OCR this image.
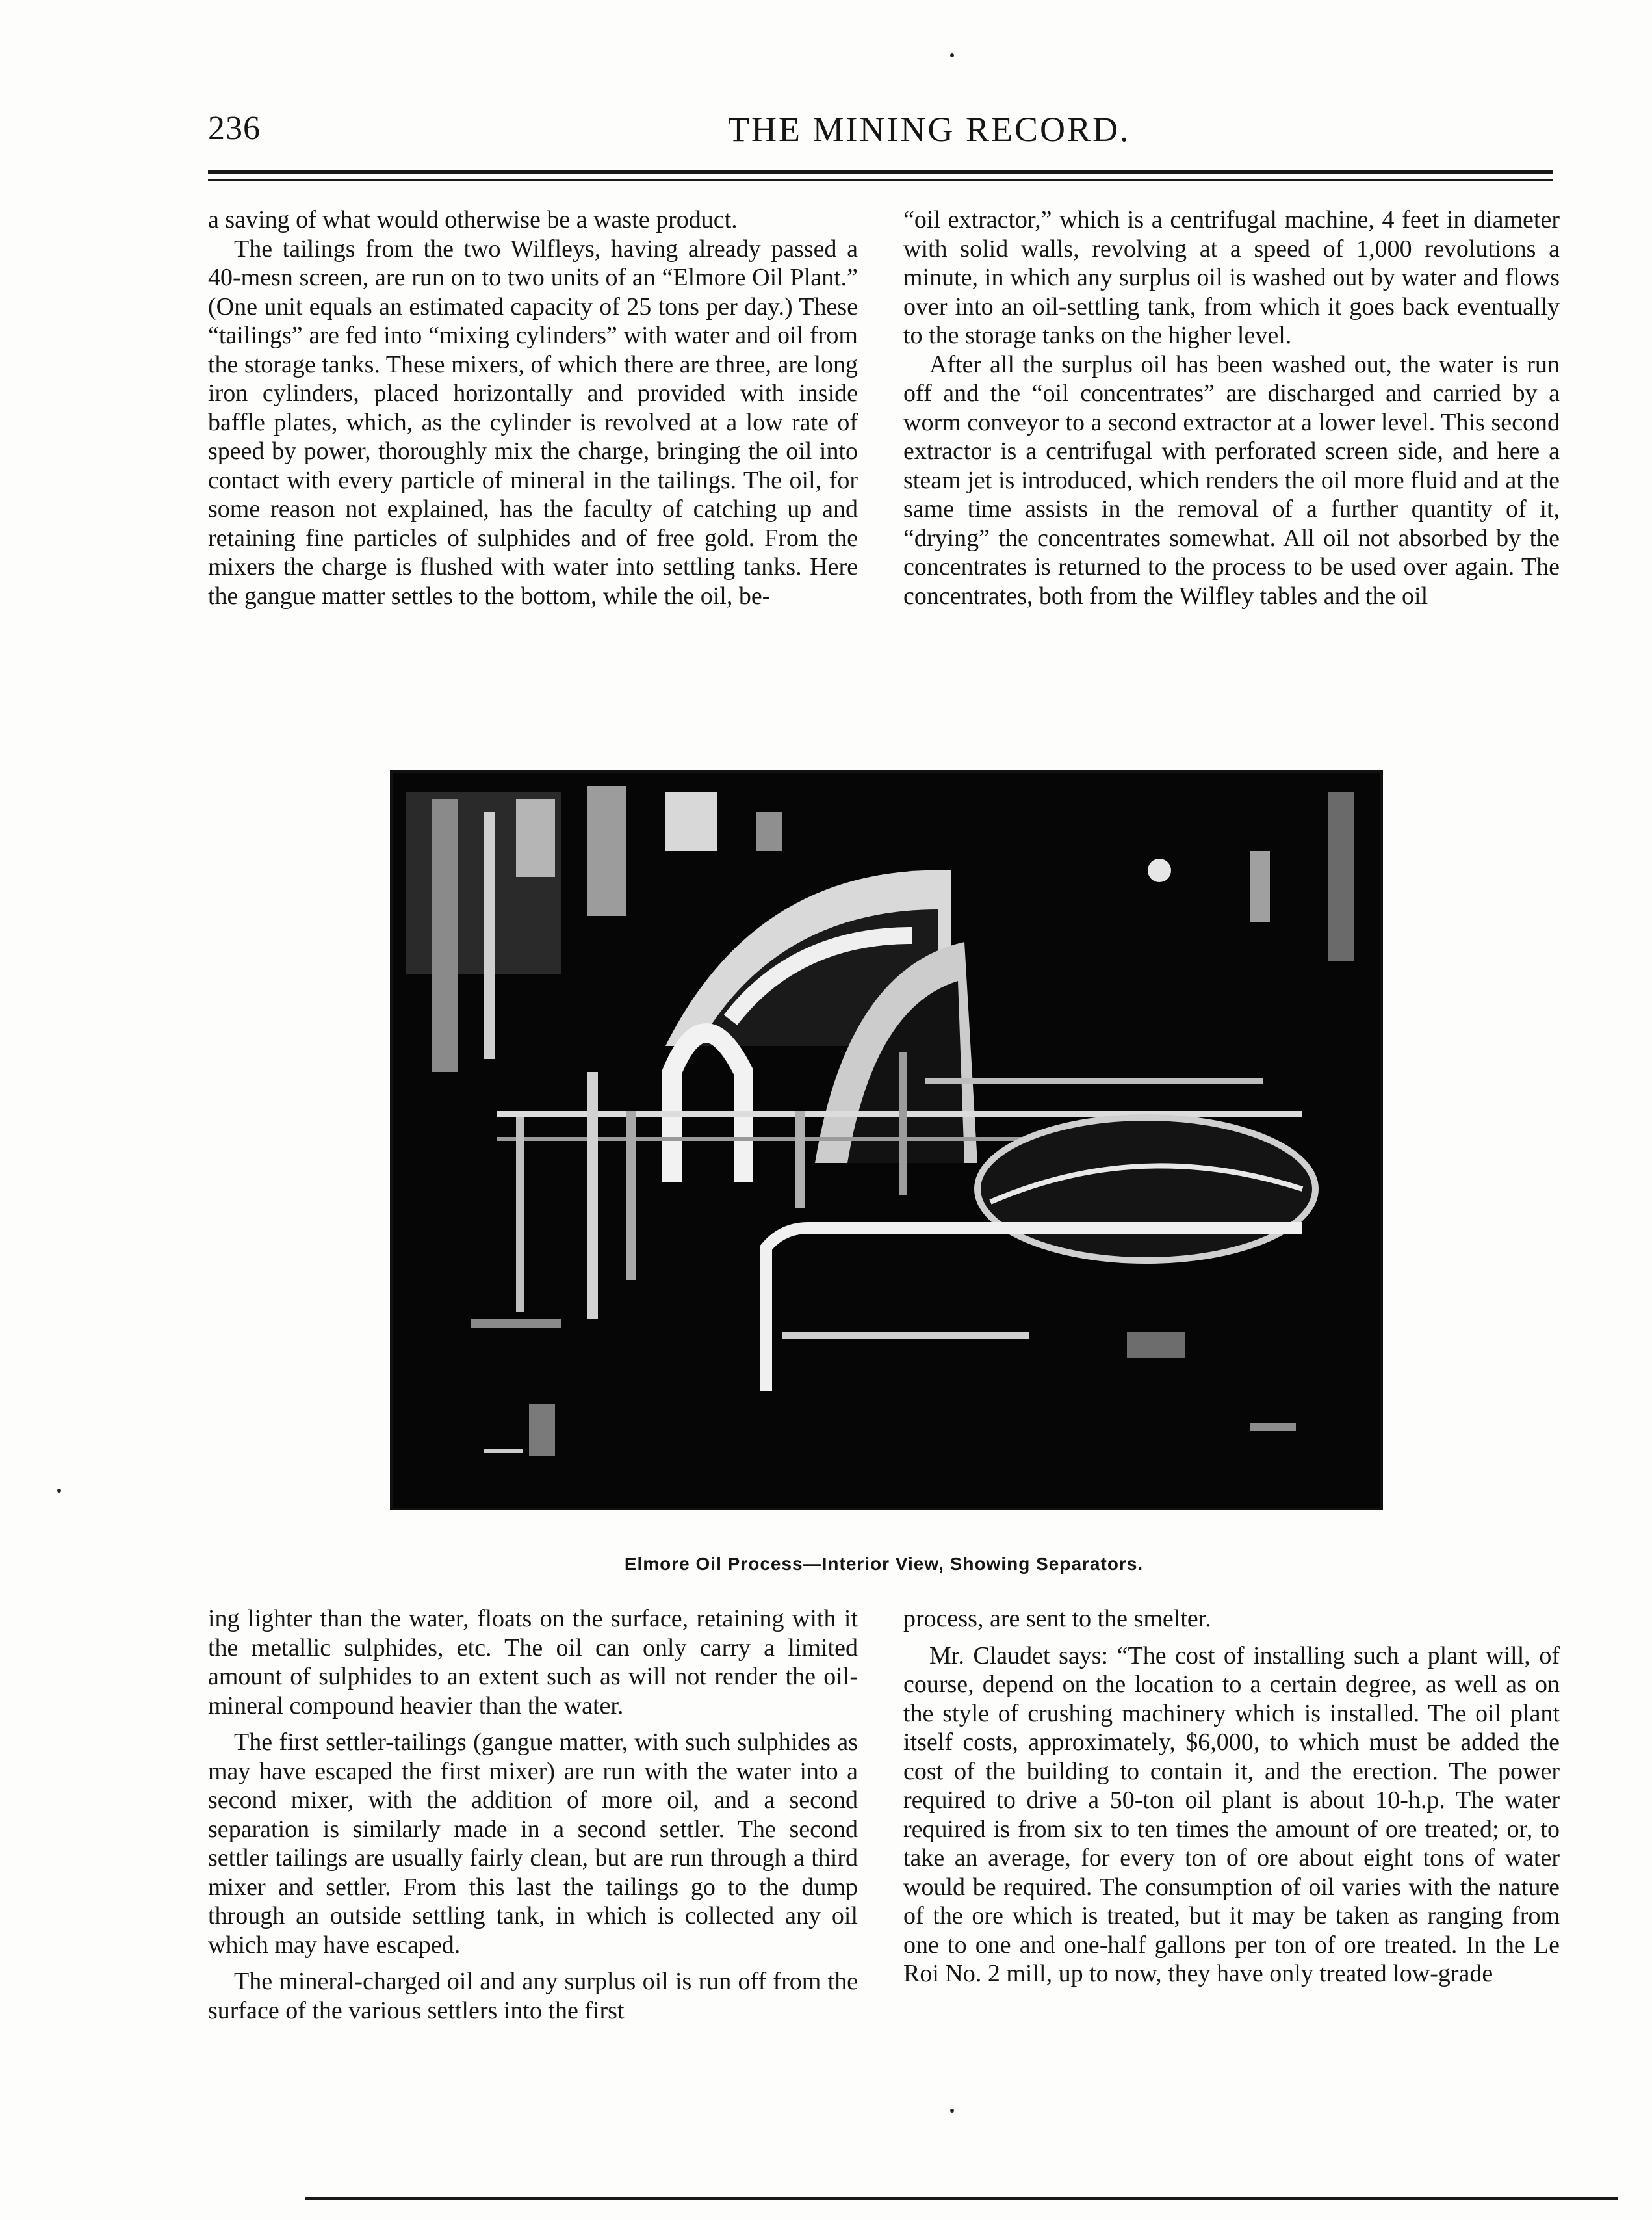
236	THE MINING RECORD.

a saving of what would otherwise be a waste product.

The tailings from the two Wilfleys, having already passed a 40-mesn screen, are run on to two units of an “Elmore Oil Plant.” (One unit equals an estimated capacity of 25 tons per day.) These “tailings” are fed into “mixing cylinders” with water and oil from the storage tanks. These mixers, of which there are three, are long iron cylinders, placed horizontally and provided with inside baffle plates, which, as the cylinder is revolved at a low rate of speed by power, thoroughly mix the charge, bringing the oil into contact with every particle of mineral in the tailings. The oil, for some reason not explained, has the faculty of catching up and retaining fine particles of sulphides and of free gold. From the mixers the charge is flushed with water into settling tanks. Here the gangue matter settles to the bottom, while the oil, be-

“oil extractor,” which is a centrifugal machine, 4 feet in diameter with solid walls, revolving at a speed of 1,000 revolutions a minute, in which any surplus oil is washed out by water and flows over into an oil-settling tank, from which it goes back eventually to the storage tanks on the higher level.

After all the surplus oil has been washed out, the water is run off and the “oil concentrates” are discharged and carried by a worm conveyor to a second extractor at a lower level. This second extractor is a centrifugal with perforated screen side, and here a steam jet is introduced, which renders the oil more fluid and at the same time assists in the removal of a further quantity of it, “drying” the concentrates somewhat. All oil not absorbed by the concentrates is returned to the process to be used over again. The concentrates, both from the Wilfley tables and the oil

Elmore Oil Process—Interior View, Showing Separators.

ing lighter than the water, floats on the surface, retaining with it the metallic sulphides, etc. The oil can only carry a limited amount of sulphides to an extent such as will not render the oil-mineral compound heavier than the water.

The first settler-tailings (gangue matter, with such sulphides as may have escaped the first mixer) are run with the water into a second mixer, with the addition of more oil, and a second separation is similarly made in a second settler. The second settler tailings are usually fairly clean, but are run through a third mixer and settler. From this last the tailings go to the dump through an outside settling tank, in which is collected any oil which may have escaped.

The mineral-charged oil and any surplus oil is run off from the surface of the various settlers into the first

process, are sent to the smelter.

Mr. Claudet says: “The cost of installing such a plant will, of course, depend on the location to a certain degree, as well as on the style of crushing machinery which is installed. The oil plant itself costs, approximately, $6,000, to which must be added the cost of the building to contain it, and the erection. The power required to drive a 50-ton oil plant is about 10-h.p. The water required is from six to ten times the amount of ore treated; or, to take an average, for every ton of ore about eight tons of water would be required. The consumption of oil varies with the nature of the ore which is treated, but it may be taken as ranging from one to one and one-half gallons per ton of ore treated. In the Le Roi No. 2 mill, up to now, they have only treated low-grade
